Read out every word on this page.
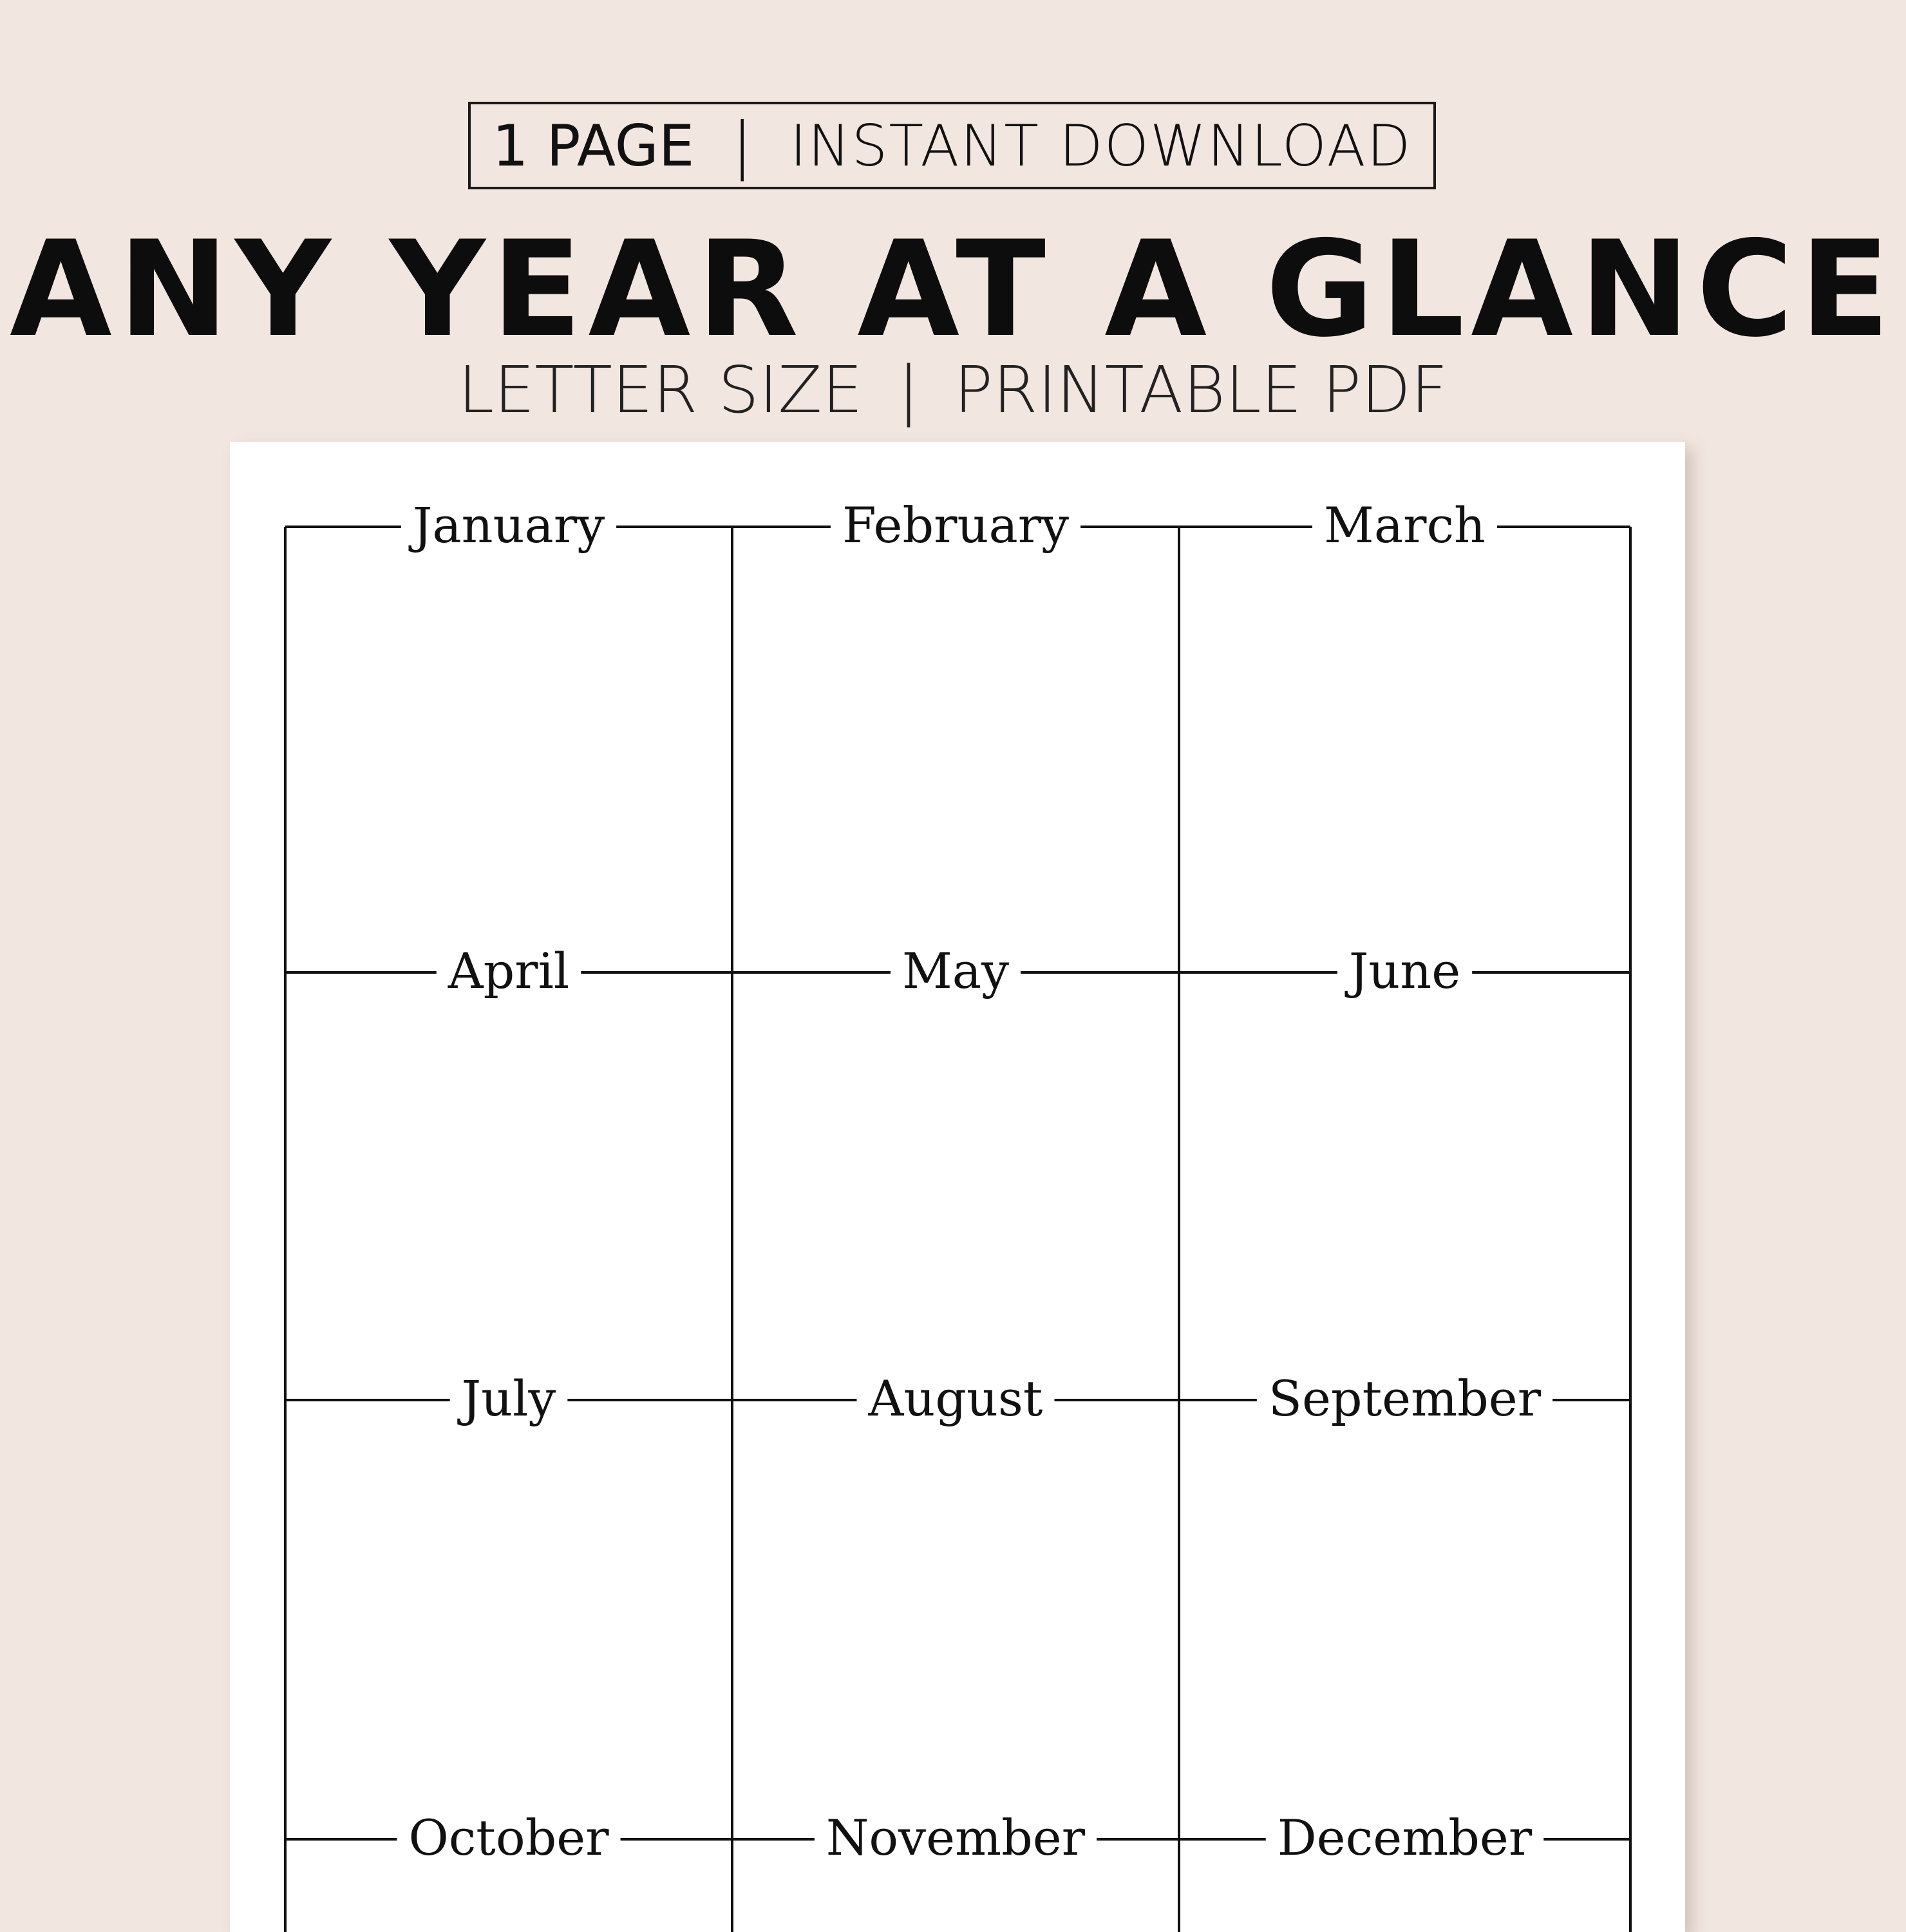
1 PAGE | INSTANT DOWNLOAD
ANY YEAR AT A GLANCE
LETTER SIZE | PRINTABLE PDF
January	February	March
April	May	June
July	August	September
October	November	December
